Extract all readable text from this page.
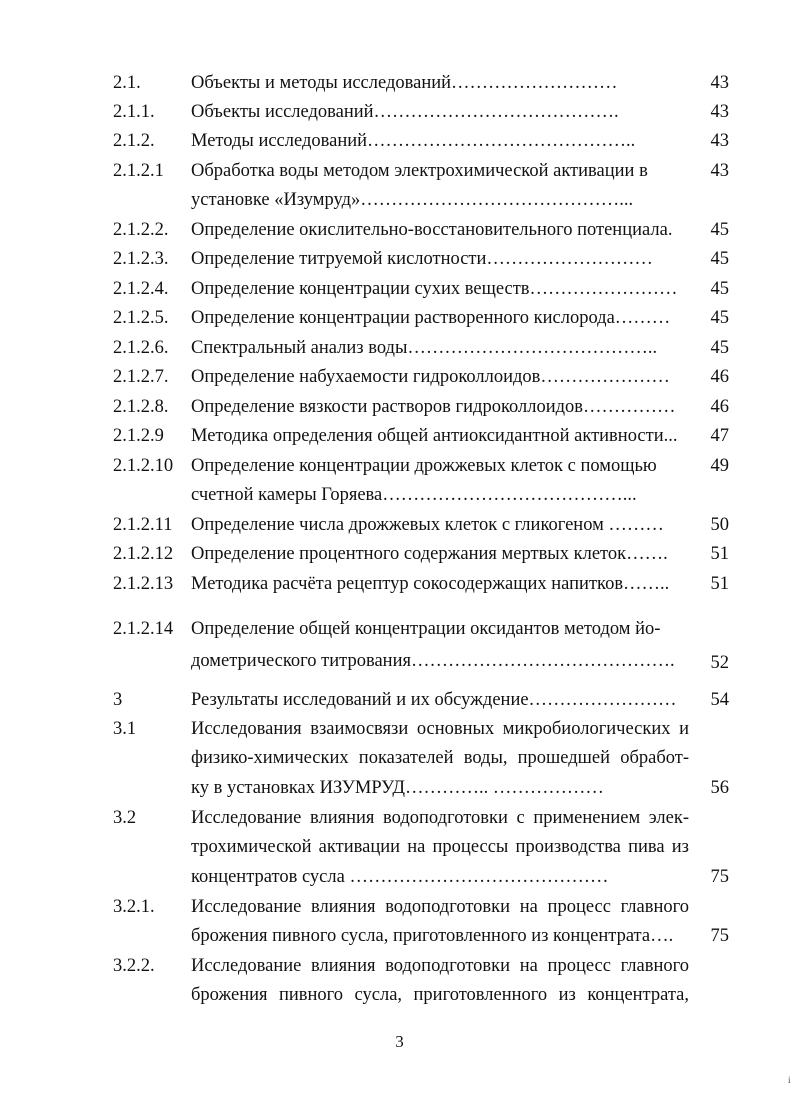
2.1.	Объекты и методы исследований………………………	43
2.1.1. Объекты исследований………………………………….	43
2.1.2. Методы исследований……………………………………..	43
2.1.2.1 Обработка воды методом электрохимической активации в	43
установке «Изумруд»……………………………………...
2.1.2.2. Определение окислительно-восстановительного потенциала. 45
2.1.2.3. Определение титруемой кислотности………………………	45
2.1.2.4. Определение концентрации сухих веществ…………………… 45
2.1.2.5. Определение концентрации растворенного кислорода……… 45
2.1.2.6. Спектральный анализ воды…………………………………..	45
2.1.2.7. Определение набухаемости гидроколлоидов………………… 46
2.1.2.8. Определение вязкости растворов гидроколлоидов…………… 46
2.1.2.9 Методика определения общей антиоксидантной активности... 47
2.1.2.10 Определение концентрации дрожжевых клеток с помощью	49
счетной камеры Горяева…………………………………...
2.1.2.11 Определение числа дрожжевых клеток с гликогеном ………	50
2.1.2.12 Определение процентного содержания мертвых клеток……. 51
2.1.2.13 Методика расчёта рецептур сокосодержащих напитков…….. 51
2.1.2.14 Определение общей концентрации оксидантов методом йо-
дометрического титрования……………………………………. 52
3	Результаты исследований и их обсуждение…………………… 54
3.1	Исследования взаимосвязи основных микробиологических и
физико-химических показателей воды, прошедшей обработ-
ку в установках ИЗУМРУД………….. ………………	56
3.2	Исследование влияния водоподготовки с применением элек-
трохимической активации на процессы производства пива из
концентратов сусла ……………………………………	75
3.2.1. Исследование влияния водоподготовки на процесс главного
брожения пивного сусла, приготовленного из концентрата…. 75
3.2.2. Исследование влияния водоподготовки на процесс главного
брожения пивного сусла, приготовленного из концентрата,
3
i
